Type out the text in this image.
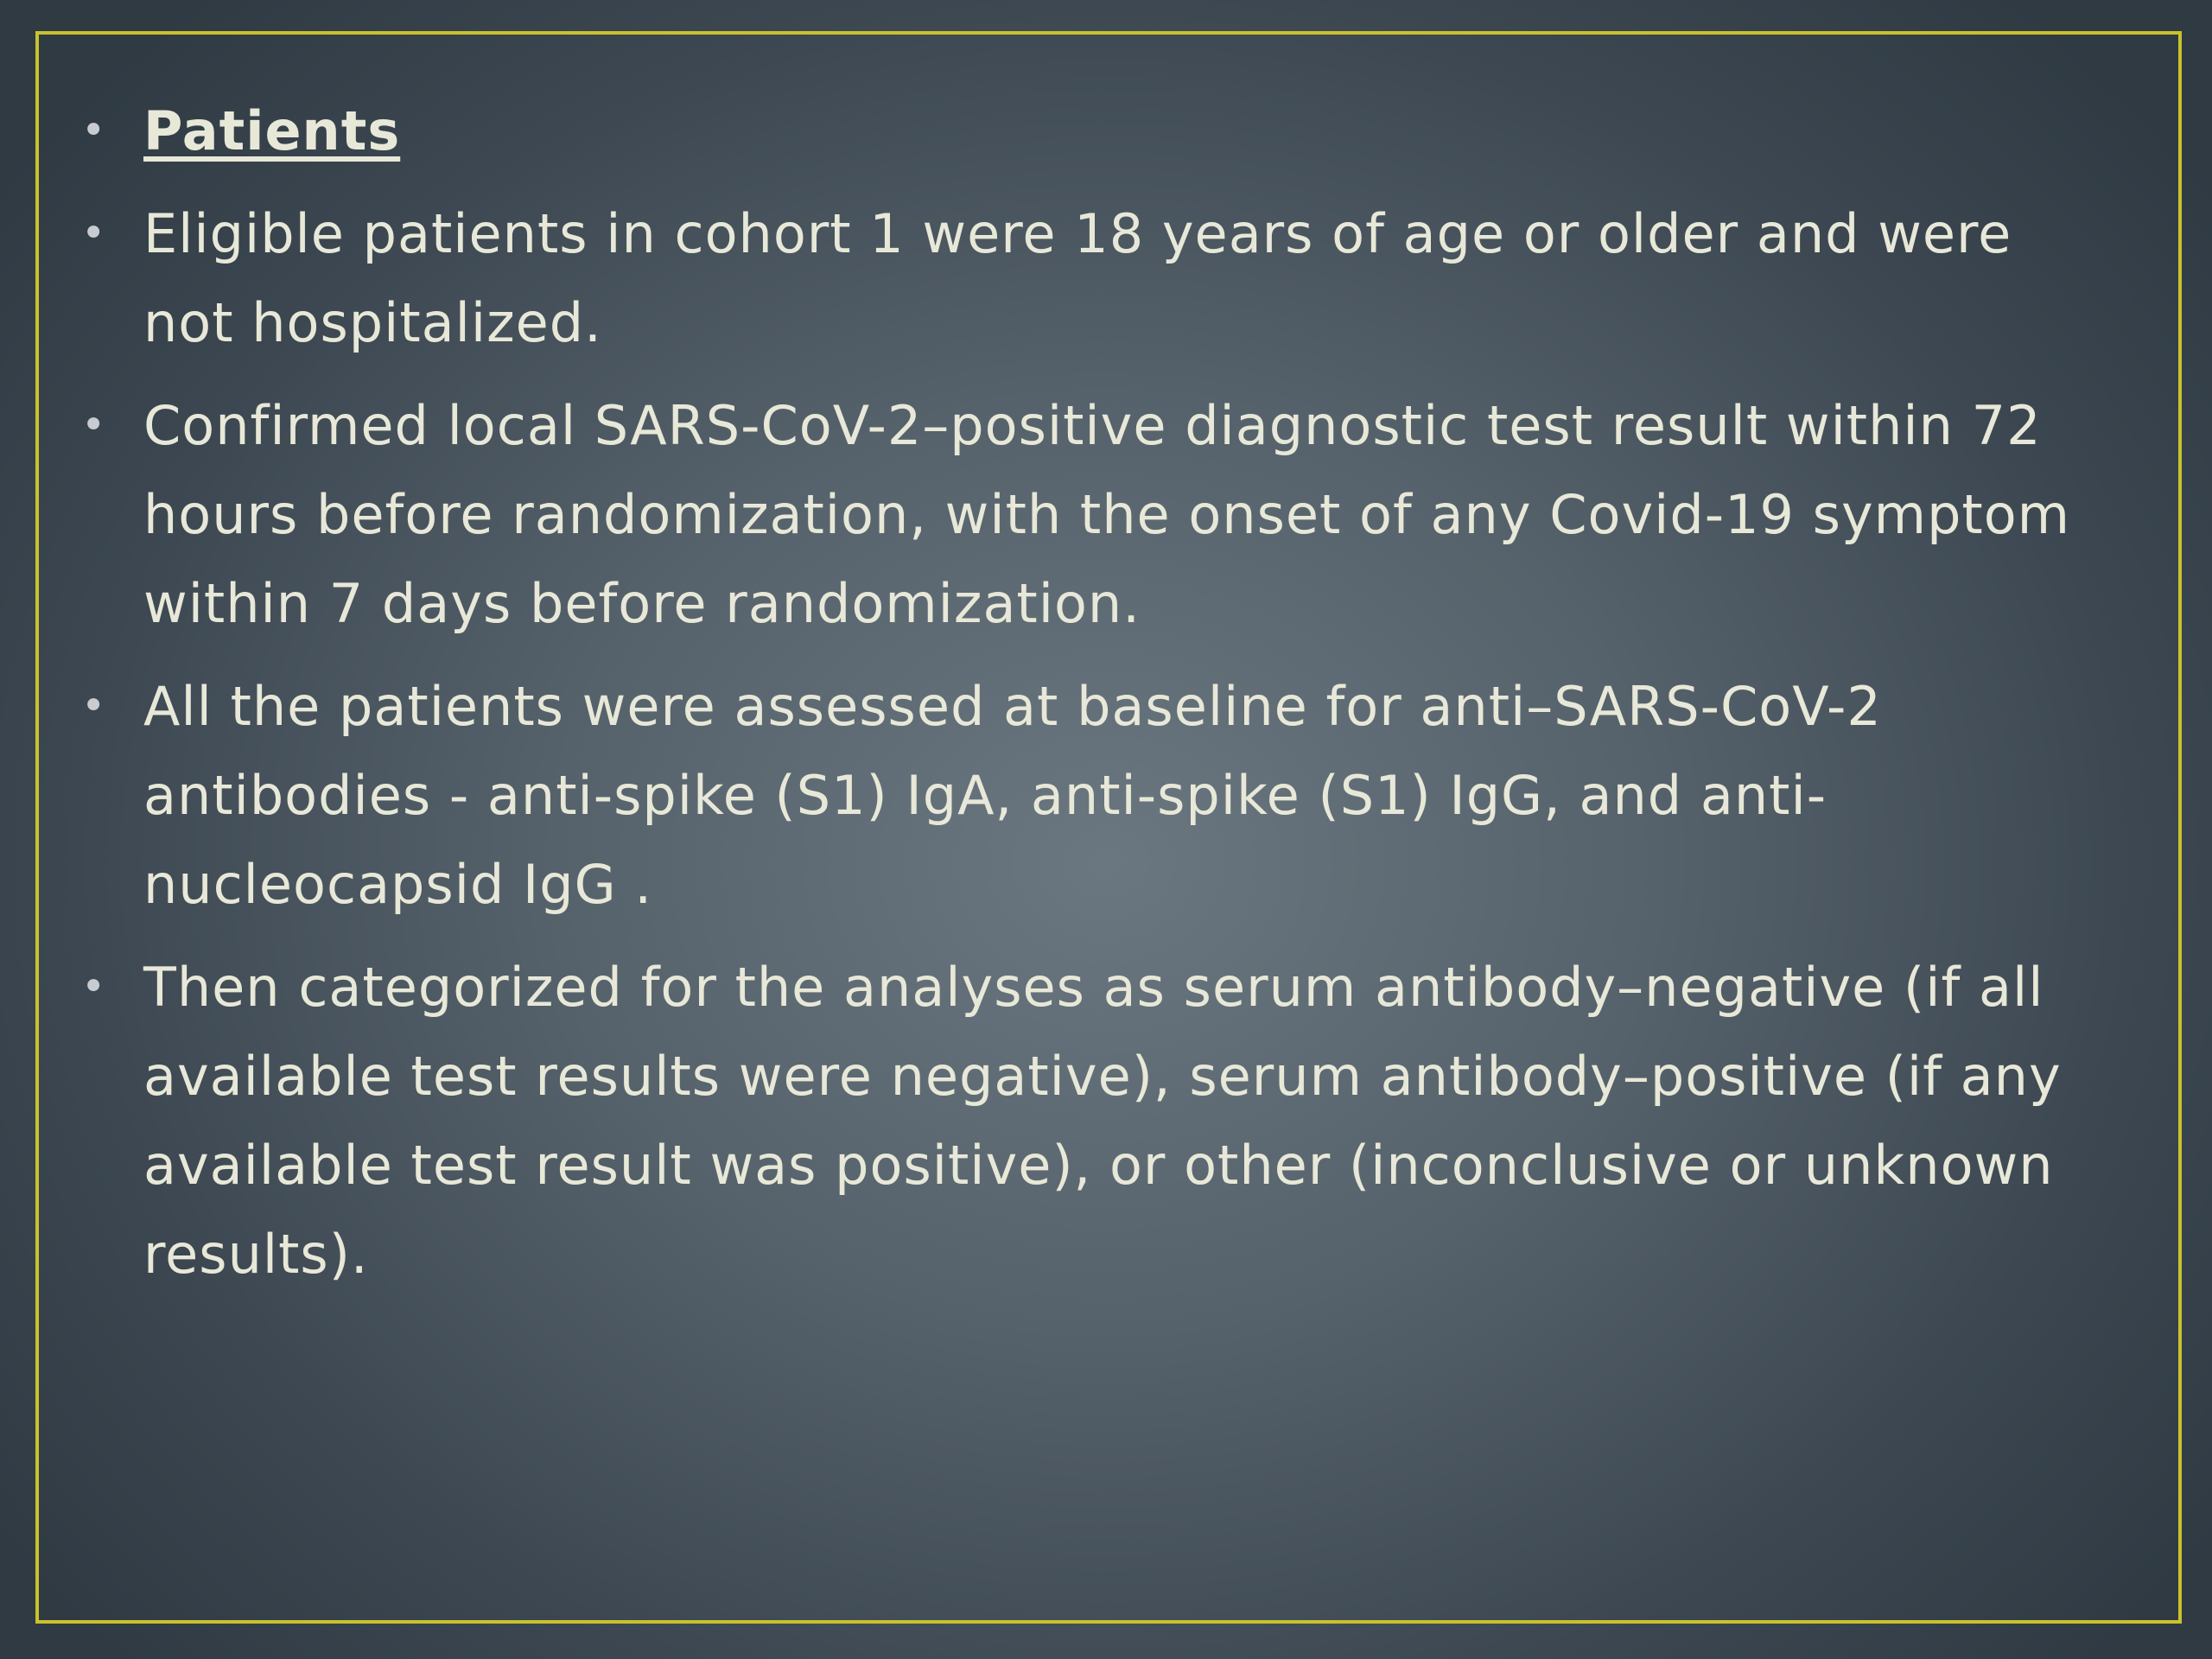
• Patients
• Eligible patients in cohort 1 were 18 years of age or older and were not hospitalized.
• Confirmed local SARS-CoV-2–positive diagnostic test result within 72 hours before randomization, with the onset of any Covid-19 symptom within 7 days before randomization.
• All the patients were assessed at baseline for anti–SARS-CoV-2 antibodies - anti-spike (S1) IgA, anti-spike (S1) IgG, and anti-nucleocapsid IgG .
• Then categorized for the analyses as serum antibody–negative (if all available test results were negative), serum antibody–positive (if any available test result was positive), or other (inconclusive or unknown results).
